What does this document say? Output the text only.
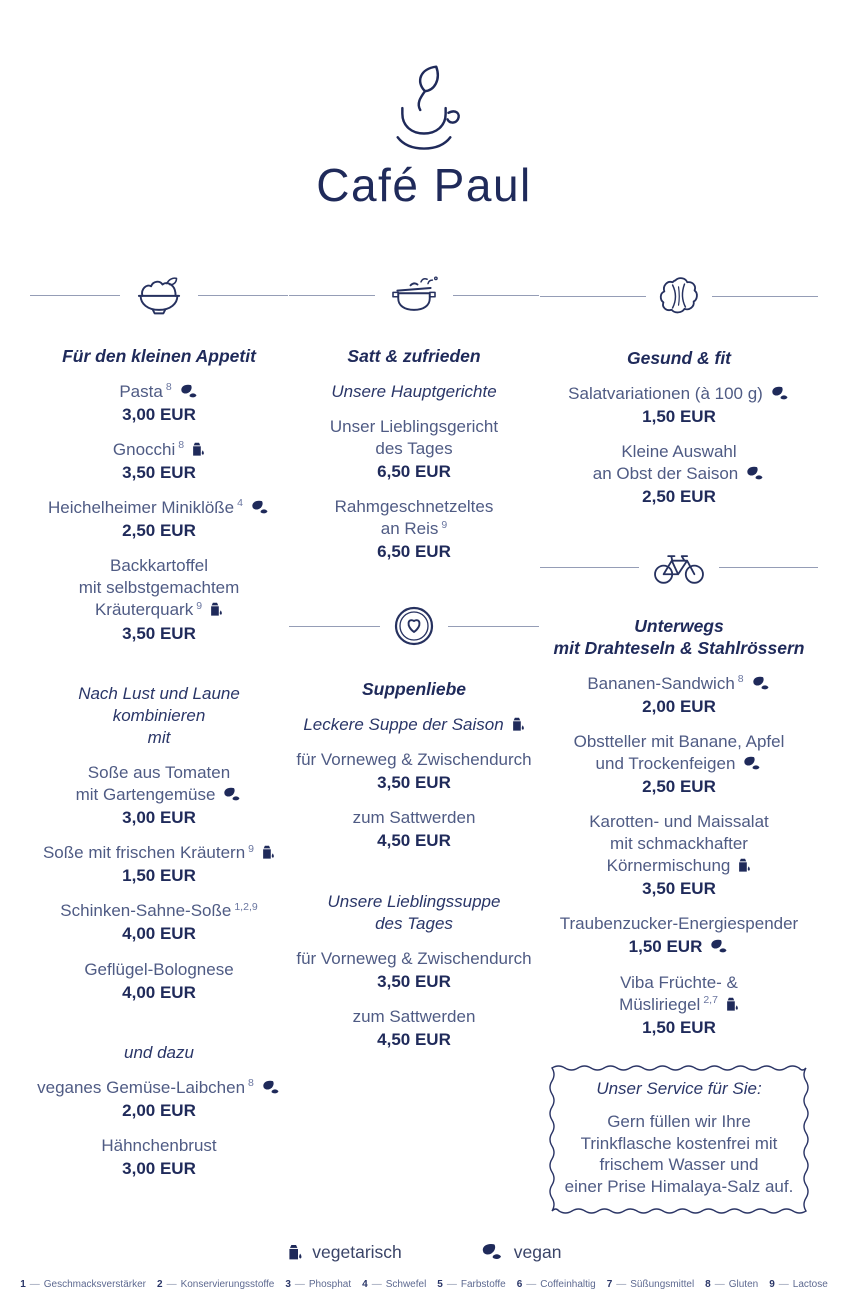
Café Paul
Für den kleinen Appetit
Pasta $^8$
3,00 EUR
Gnocchi $^8$
3,50 EUR
Heichelheimer Miniklöße $^4$
2,50 EUR
Backkartoffel
mit selbstgemachtem
Kräuterquark $^9$
3,50 EUR
Nach Lust und Laune
kombinieren
mit
Soße aus Tomaten
mit Gartengemüse
3,00 EUR
Soße mit frischen Kräutern $^9$
1,50 EUR
Schinken-Sahne-Soße $^{1,2,9}$
4,00 EUR
Geflügel-Bolognese
4,00 EUR
und dazu
veganes Gemüse-Laibchen $^8$
2,00 EUR
Hähnchenbrust
3,00 EUR
Satt & zufrieden
Unsere Hauptgerichte
Unser Lieblingsgericht
des Tages
6,50 EUR
Rahmgeschnetzeltes
an Reis $^9$
6,50 EUR
Suppenliebe
Leckere Suppe der Saison
für Vorneweg & Zwischendurch
3,50 EUR
zum Sattwerden
4,50 EUR
Unsere Lieblingssuppe
des Tages
für Vorneweg & Zwischendurch
3,50 EUR
zum Sattwerden
4,50 EUR
Gesund & fit
Salatvariationen (à 100 g)
1,50 EUR
Kleine Auswahl
an Obst der Saison
2,50 EUR
Unterwegs
mit Drahteseln & Stahlrössern
Bananen-Sandwich $^8$
2,00 EUR
Obstteller mit Banane, Apfel
und Trockenfeigen
2,50 EUR
Karotten- und Maissalat
mit schmackhafter
Körnermischung
3,50 EUR
Traubenzucker-Energiespender
1,50 EUR
Viba Früchte- &
Müsliriegel $^{2,7}$
1,50 EUR
Unser Service für Sie:
Gern füllen wir Ihre
Trinkflasche kostenfrei mit
frischem Wasser und
einer Prise Himalaya-Salz auf.
vegetarisch	vegan
1 — Geschmacksverstärker 2 — Konservierungsstoffe 3 — Phosphat 4 — Schwefel 5 — Farbstoffe 6 — Coffeinhaltig 7 — Süßungsmittel 8 — Gluten 9 — Lactose
